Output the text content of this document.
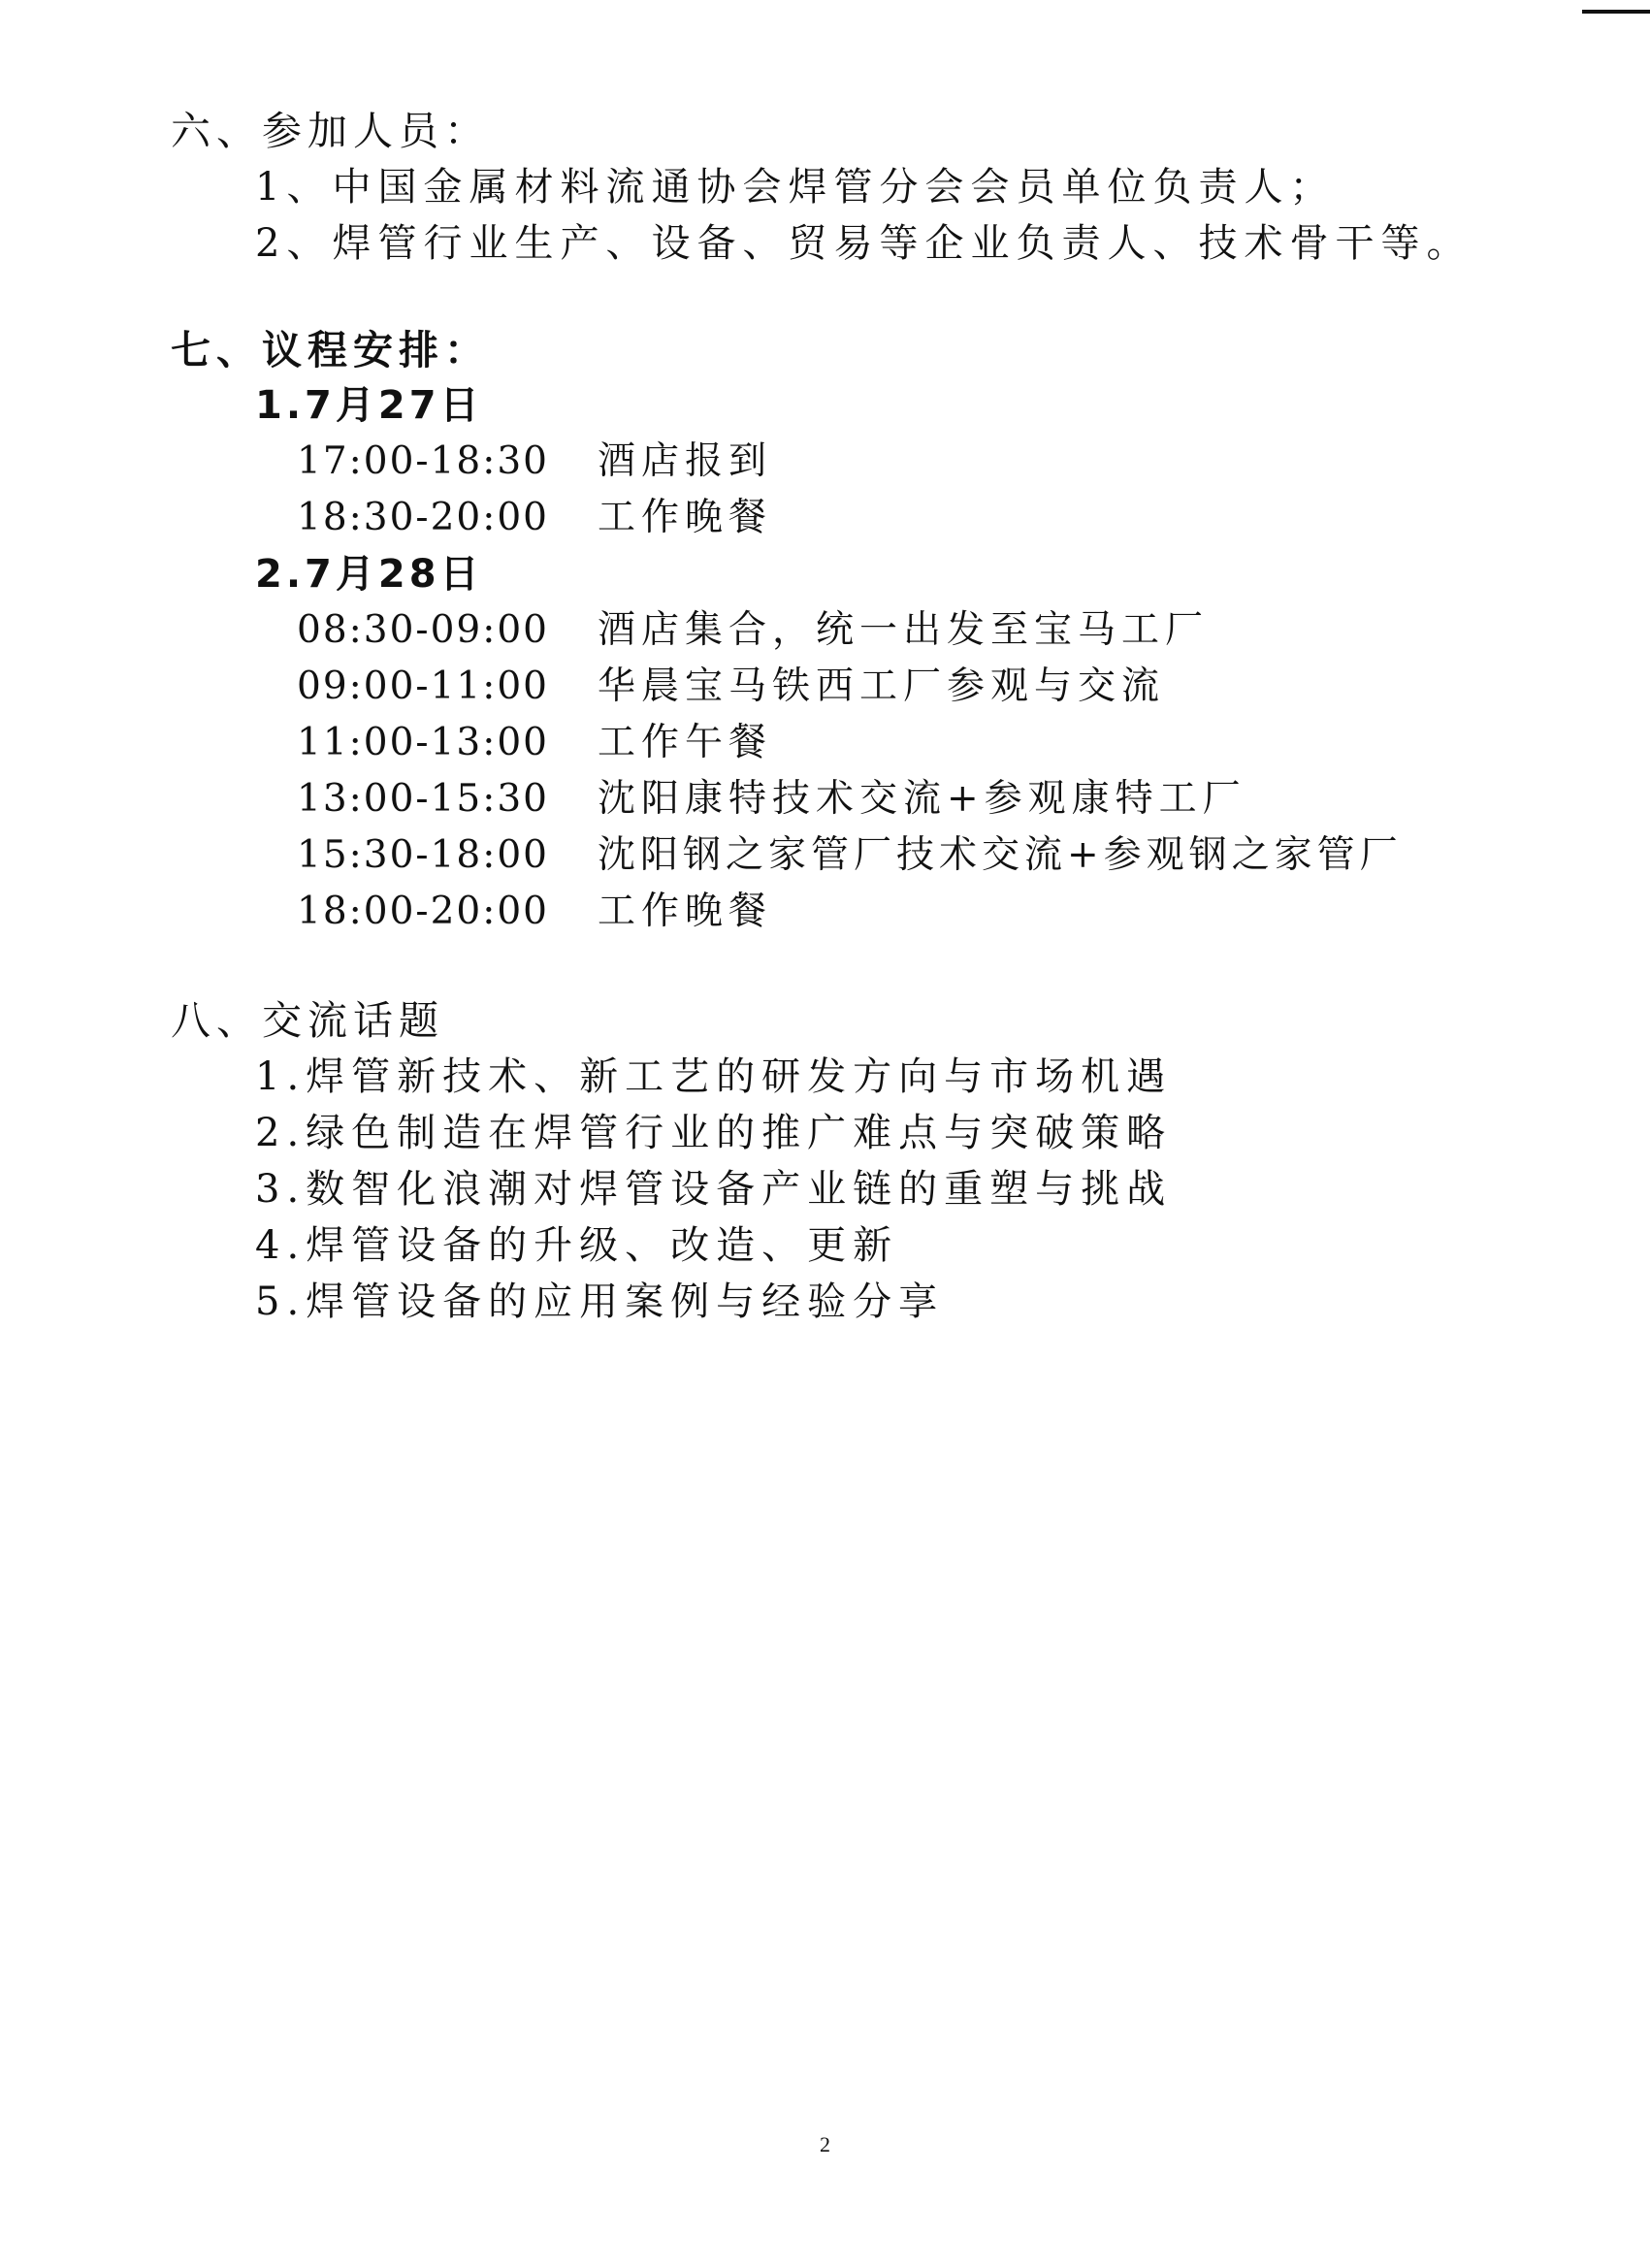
六、参加人员：
1、中国金属材料流通协会焊管分会会员单位负责人；
2、焊管行业生产、设备、贸易等企业负责人、技术骨干等。
七、议程安排：
1.7月27日
17:00-18:30 酒店报到
18:30-20:00 工作晚餐
2.7月28日
08:30-09:00 酒店集合，统一出发至宝马工厂
09:00-11:00 华晨宝马铁西工厂参观与交流
11:00-13:00 工作午餐
13:00-15:30 沈阳康特技术交流+参观康特工厂
15:30-18:00 沈阳钢之家管厂技术交流+参观钢之家管厂
18:00-20:00 工作晚餐
八、交流话题
1.焊管新技术、新工艺的研发方向与市场机遇
2.绿色制造在焊管行业的推广难点与突破策略
3.数智化浪潮对焊管设备产业链的重塑与挑战
4.焊管设备的升级、改造、更新
5.焊管设备的应用案例与经验分享
2
